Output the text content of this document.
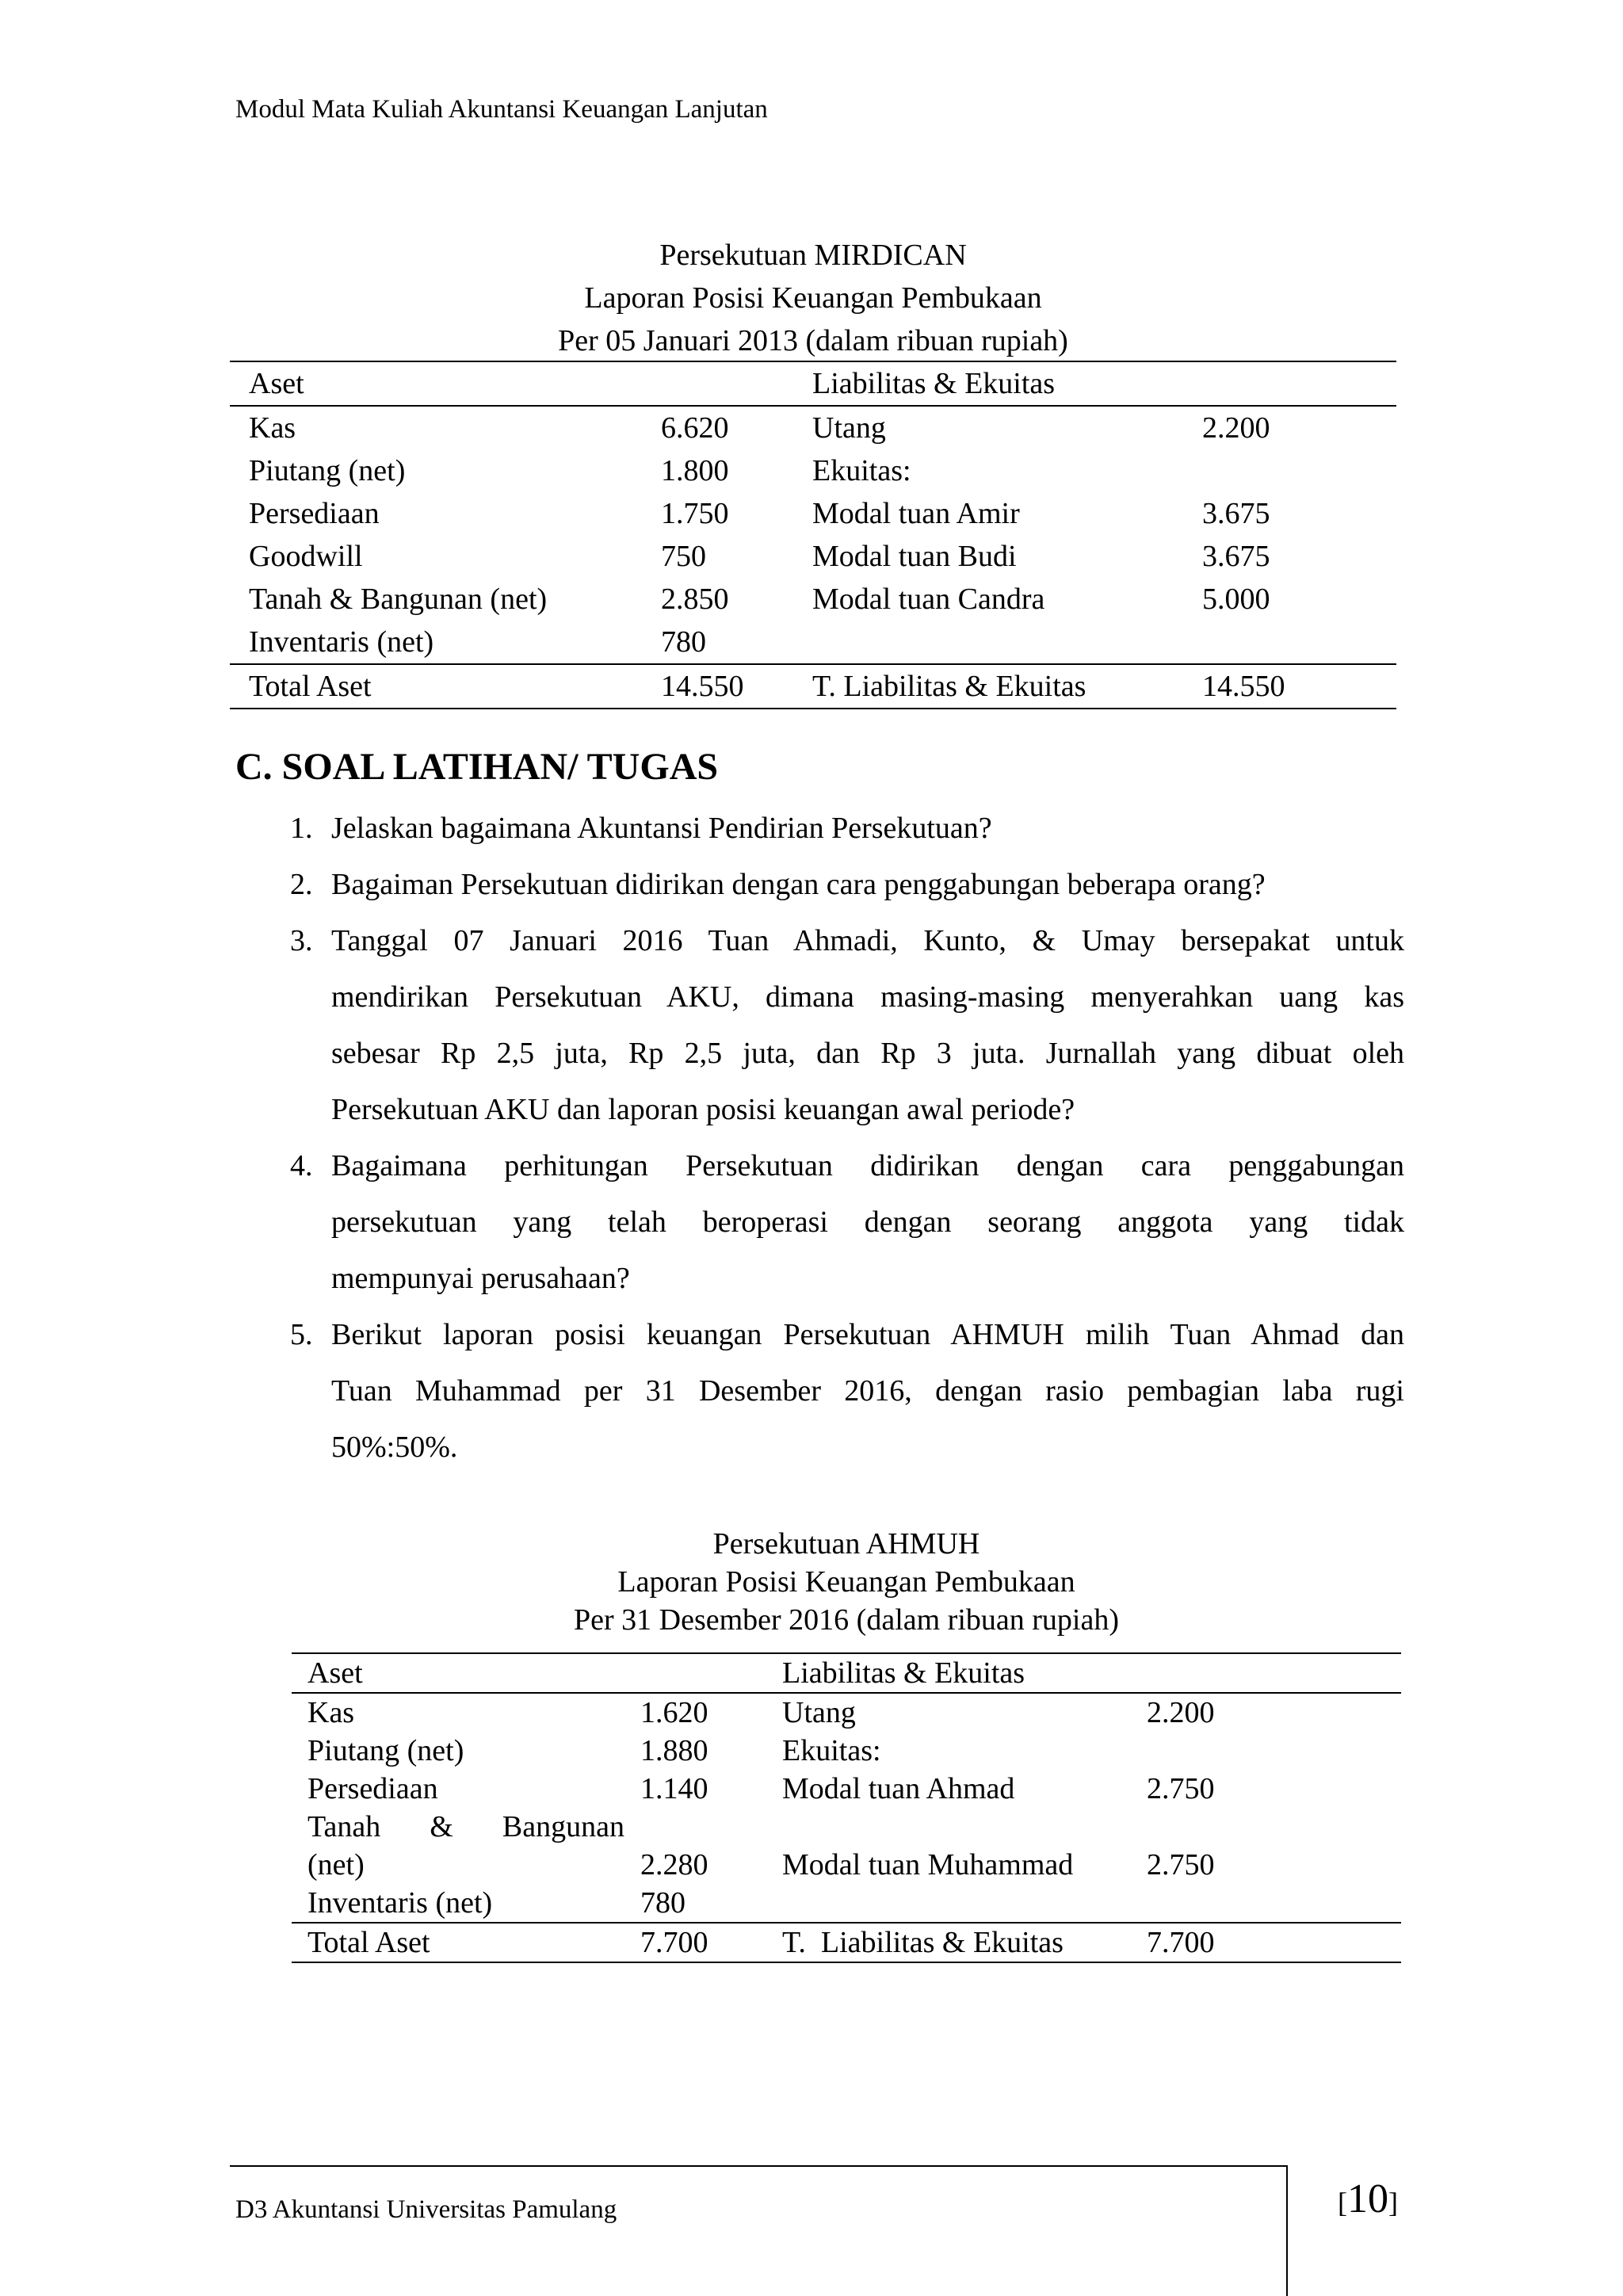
Modul Mata Kuliah Akuntansi Keuangan Lanjutan
Persekutuan MIRDICAN
Laporan Posisi Keuangan Pembukaan
Per 05 Januari 2013 (dalam ribuan rupiah)
Aset		Liabilitas & Ekuitas	
Kas	6.620	Utang	2.200
Piutang (net)	1.800	Ekuitas:	
Persediaan	1.750	Modal tuan Amir	3.675
Goodwill	750	Modal tuan Budi	3.675
Tanah & Bangunan (net)	2.850	Modal tuan Candra	5.000
Inventaris (net)	780		
Total Aset	14.550	T. Liabilitas & Ekuitas	14.550
C. SOAL LATIHAN/ TUGAS
1. Jelaskan bagaimana Akuntansi Pendirian Persekutuan?
2. Bagaiman Persekutuan didirikan dengan cara penggabungan beberapa orang?
3. Tanggal 07 Januari 2016 Tuan Ahmadi, Kunto, & Umay bersepakat untuk
mendirikan Persekutuan AKU, dimana masing-masing menyerahkan uang kas
sebesar Rp 2,5 juta, Rp 2,5 juta, dan Rp 3 juta. Jurnallah yang dibuat oleh
Persekutuan AKU dan laporan posisi keuangan awal periode?
4. Bagaimana perhitungan Persekutuan didirikan dengan cara penggabungan
persekutuan yang telah beroperasi dengan seorang anggota yang tidak
mempunyai perusahaan?
5. Berikut laporan posisi keuangan Persekutuan AHMUH milih Tuan Ahmad dan
Tuan Muhammad per 31 Desember 2016, dengan rasio pembagian laba rugi
50%:50%.
Persekutuan AHMUH
Laporan Posisi Keuangan Pembukaan
Per 31 Desember 2016 (dalam ribuan rupiah)
Aset		Liabilitas & Ekuitas	
Kas	1.620	Utang	2.200
Piutang (net)	1.880	Ekuitas:	
Persediaan	1.140	Modal tuan Ahmad	2.750

Tanah & Bangunan			

(net)	2.280	Modal tuan Muhammad	2.750
Inventaris (net)	780		
Total Aset	7.700	T.  Liabilitas & Ekuitas	7.700
D3 Akuntansi Universitas Pamulang	[10]
